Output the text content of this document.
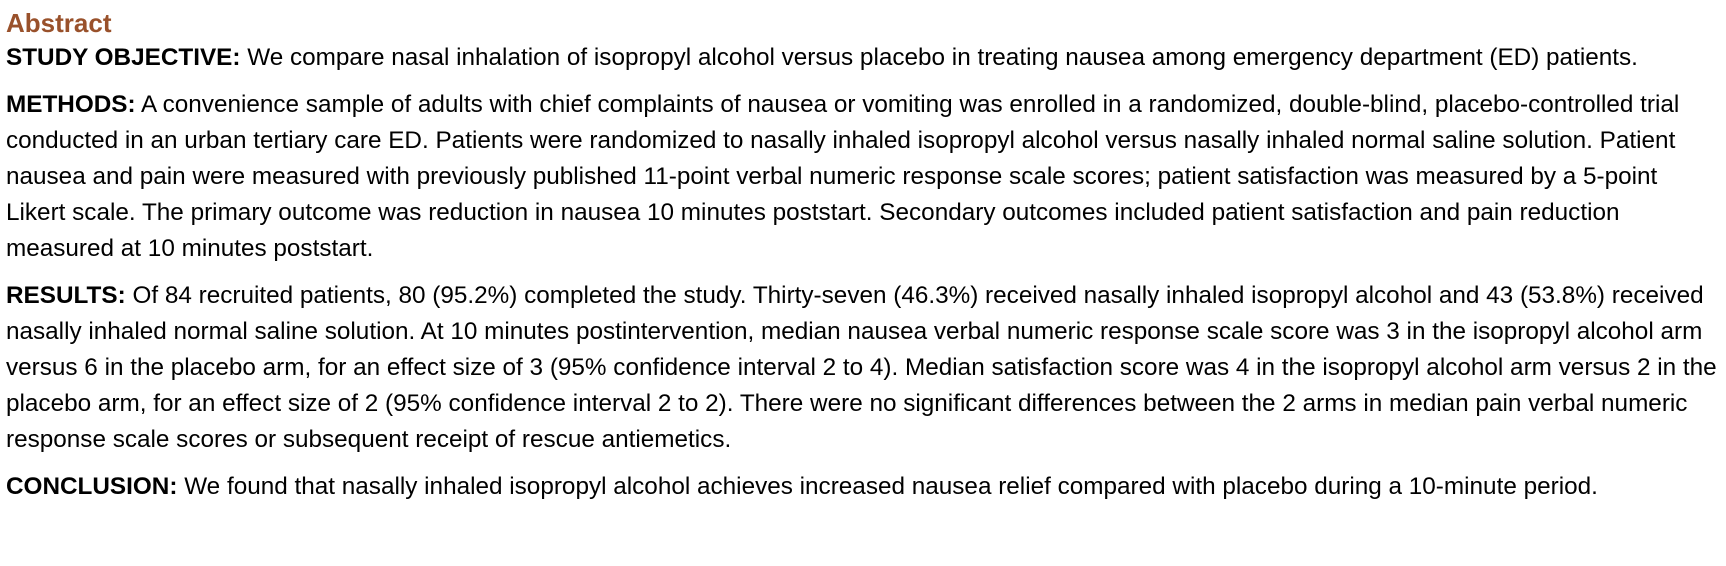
Abstract

STUDY OBJECTIVE: We compare nasal inhalation of isopropyl alcohol versus placebo in treating nausea among emergency department (ED) patients.

METHODS: A convenience sample of adults with chief complaints of nausea or vomiting was enrolled in a randomized, double-blind, placebo-controlled trial conducted in an urban tertiary care ED. Patients were randomized to nasally inhaled isopropyl alcohol versus nasally inhaled normal saline solution. Patient nausea and pain were measured with previously published 11-point verbal numeric response scale scores; patient satisfaction was measured by a 5-point Likert scale. The primary outcome was reduction in nausea 10 minutes poststart. Secondary outcomes included patient satisfaction and pain reduction measured at 10 minutes poststart.

RESULTS: Of 84 recruited patients, 80 (95.2%) completed the study. Thirty-seven (46.3%) received nasally inhaled isopropyl alcohol and 43 (53.8%) received nasally inhaled normal saline solution. At 10 minutes postintervention, median nausea verbal numeric response scale score was 3 in the isopropyl alcohol arm versus 6 in the placebo arm, for an effect size of 3 (95% confidence interval 2 to 4). Median satisfaction score was 4 in the isopropyl alcohol arm versus 2 in the placebo arm, for an effect size of 2 (95% confidence interval 2 to 2). There were no significant differences between the 2 arms in median pain verbal numeric response scale scores or subsequent receipt of rescue antiemetics.

CONCLUSION: We found that nasally inhaled isopropyl alcohol achieves increased nausea relief compared with placebo during a 10-minute period.
